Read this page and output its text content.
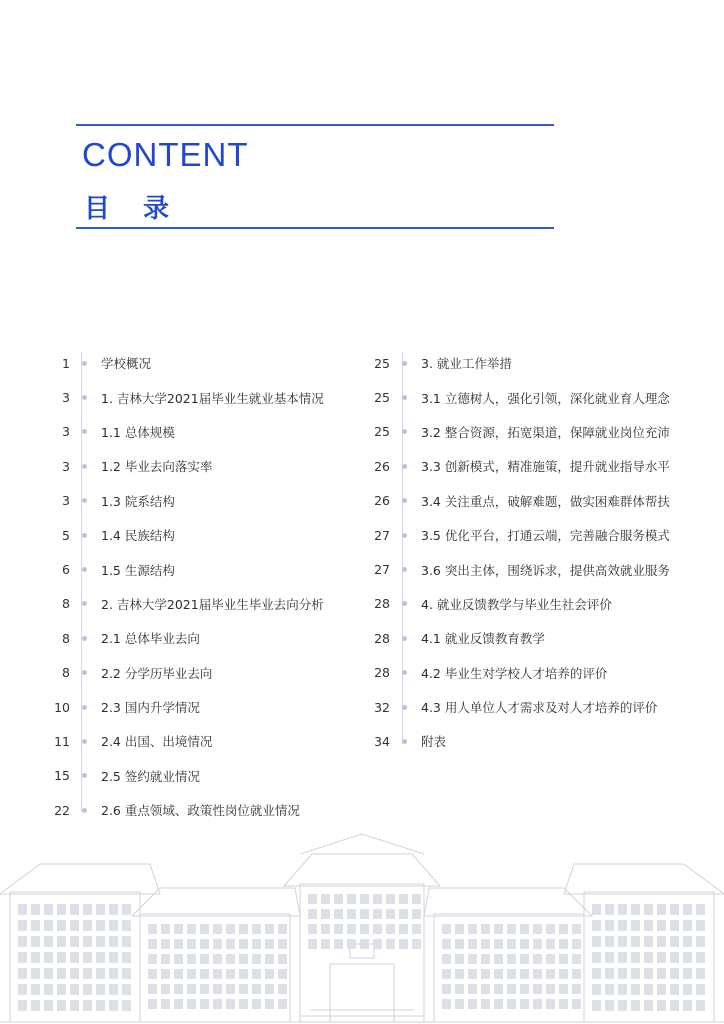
CONTENT
目 录
1 学校概况
3 1. 吉林大学2021届毕业生就业基本情况
3 1.1 总体规模
3 1.2 毕业去向落实率
3 1.3 院系结构
5 1.4 民族结构
6 1.5 生源结构
8 2. 吉林大学2021届毕业生毕业去向分析
8 2.1 总体毕业去向
8 2.2 分学历毕业去向
10 2.3 国内升学情况
11 2.4 出国、出境情况
15 2.5 签约就业情况
22 2.6 重点领域、政策性岗位就业情况
25 3. 就业工作举措
25 3.1 立德树人，强化引领，深化就业育人理念
25 3.2 整合资源，拓宽渠道，保障就业岗位充沛
26 3.3 创新模式，精准施策，提升就业指导水平
26 3.4 关注重点，破解难题，做实困难群体帮扶
27 3.5 优化平台，打通云端，完善融合服务模式
27 3.6 突出主体，围绕诉求，提供高效就业服务
28 4. 就业反馈教学与毕业生社会评价
28 4.1 就业反馈教育教学
28 4.2 毕业生对学校人才培养的评价
32 4.3 用人单位人才需求及对人才培养的评价
34 附表
